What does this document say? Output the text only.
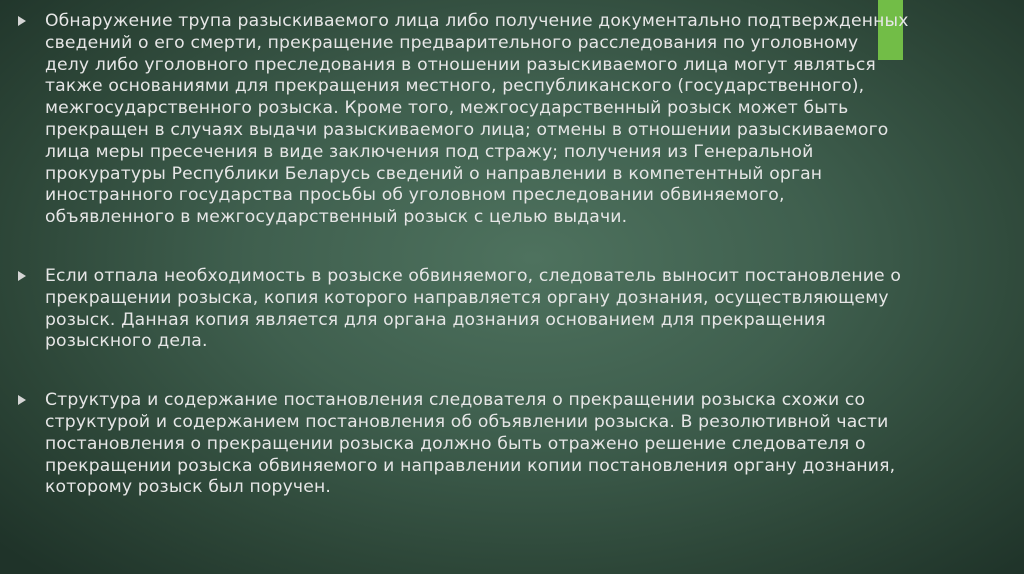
Обнаружение трупа разыскиваемого лица либо получение документально подтвержденных
сведений о его смерти, прекращение предварительного расследования по уголовному
делу либо уголовного преследования в отношении разыскиваемого лица могут являться
также основаниями для прекращения местного, республиканского (государственного),
межгосударственного розыска. Кроме того, межгосударственный розыск может быть
прекращен в случаях выдачи разыскиваемого лица; отмены в отношении разыскиваемого
лица меры пресечения в виде заключения под стражу; получения из Генеральной
прокуратуры Республики Беларусь сведений о направлении в компетентный орган
иностранного государства просьбы об уголовном преследовании обвиняемого,
объявленного в межгосударственный розыск с целью выдачи.

Если отпала необходимость в розыске обвиняемого, следователь выносит постановление о
прекращении розыска, копия которого направляется органу дознания, осуществляющему
розыск. Данная копия является для органа дознания основанием для прекращения
розыскного дела.

Структура и содержание постановления следователя о прекращении розыска схожи со
структурой и содержанием постановления об объявлении розыска. В резолютивной части
постановления о прекращении розыска должно быть отражено решение следователя о
прекращении розыска обвиняемого и направлении копии постановления органу дознания,
которому розыск был поручен.
